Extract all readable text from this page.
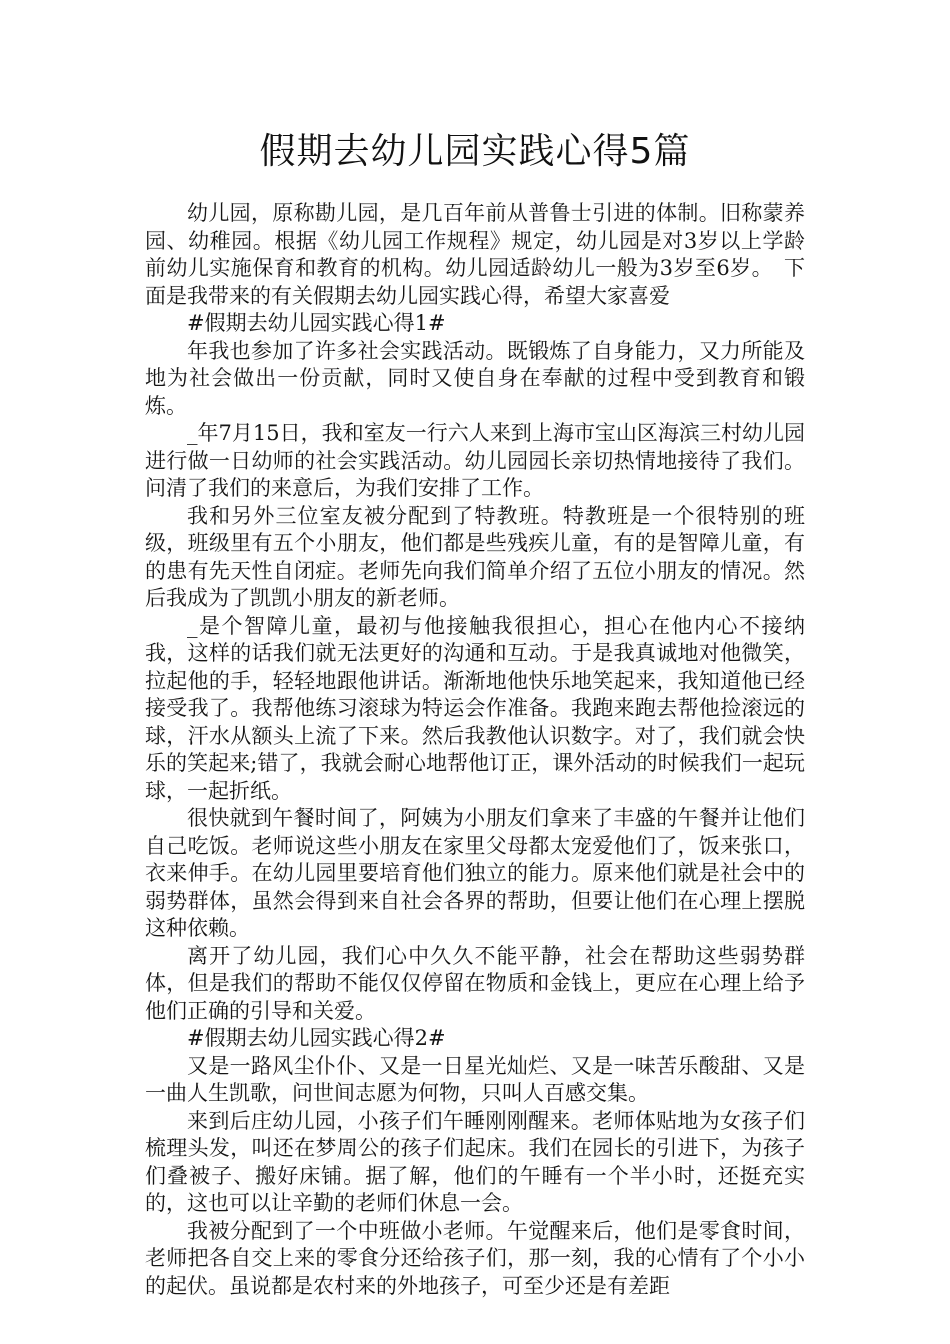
假期去幼儿园实践心得5篇

幼儿园，原称勘儿园，是几百年前从普鲁士引进的体制。旧称蒙养园、幼稚园。根据《幼儿园工作规程》规定，幼儿园是对3岁以上学龄前幼儿实施保育和教育的机构。幼儿园适龄幼儿一般为3岁至6岁。　下面是我带来的有关假期去幼儿园实践心得，希望大家喜爱

#假期去幼儿园实践心得1#

年我也参加了许多社会实践活动。既锻炼了自身能力，又力所能及地为社会做出一份贡献，同时又使自身在奉献的过程中受到教育和锻炼。

_年7月15日，我和室友一行六人来到上海市宝山区海滨三村幼儿园进行做一日幼师的社会实践活动。幼儿园园长亲切热情地接待了我们。问清了我们的来意后，为我们安排了工作。

我和另外三位室友被分配到了特教班。特教班是一个很特别的班级，班级里有五个小朋友，他们都是些残疾儿童，有的是智障儿童，有的患有先天性自闭症。老师先向我们简单介绍了五位小朋友的情况。然后我成为了凯凯小朋友的新老师。

_是个智障儿童，最初与他接触我很担心，担心在他内心不接纳我，这样的话我们就无法更好的沟通和互动。于是我真诚地对他微笑，拉起他的手，轻轻地跟他讲话。渐渐地他快乐地笑起来，我知道他已经接受我了。我帮他练习滚球为特运会作准备。我跑来跑去帮他捡滚远的球，汗水从额头上流了下来。然后我教他认识数字。对了，我们就会快乐的笑起来;错了，我就会耐心地帮他订正，课外活动的时候我们一起玩球，一起折纸。

很快就到午餐时间了，阿姨为小朋友们拿来了丰盛的午餐并让他们自己吃饭。老师说这些小朋友在家里父母都太宠爱他们了，饭来张口，衣来伸手。在幼儿园里要培育他们独立的能力。原来他们就是社会中的弱势群体，虽然会得到来自社会各界的帮助，但要让他们在心理上摆脱这种依赖。

离开了幼儿园，我们心中久久不能平静，社会在帮助这些弱势群体，但是我们的帮助不能仅仅停留在物质和金钱上，更应在心理上给予他们正确的引导和关爱。

#假期去幼儿园实践心得2#

又是一路风尘仆仆、又是一日星光灿烂、又是一味苦乐酸甜、又是一曲人生凯歌，问世间志愿为何物，只叫人百感交集。

来到后庄幼儿园，小孩子们午睡刚刚醒来。老师体贴地为女孩子们梳理头发，叫还在梦周公的孩子们起床。我们在园长的引进下，为孩子们叠被子、搬好床铺。据了解，他们的午睡有一个半小时，还挺充实的，这也可以让辛勤的老师们休息一会。

我被分配到了一个中班做小老师。午觉醒来后，他们是零食时间，老师把各自交上来的零食分还给孩子们，那一刻，我的心情有了个小小的起伏。虽说都是农村来的外地孩子，可至少还是有差距
